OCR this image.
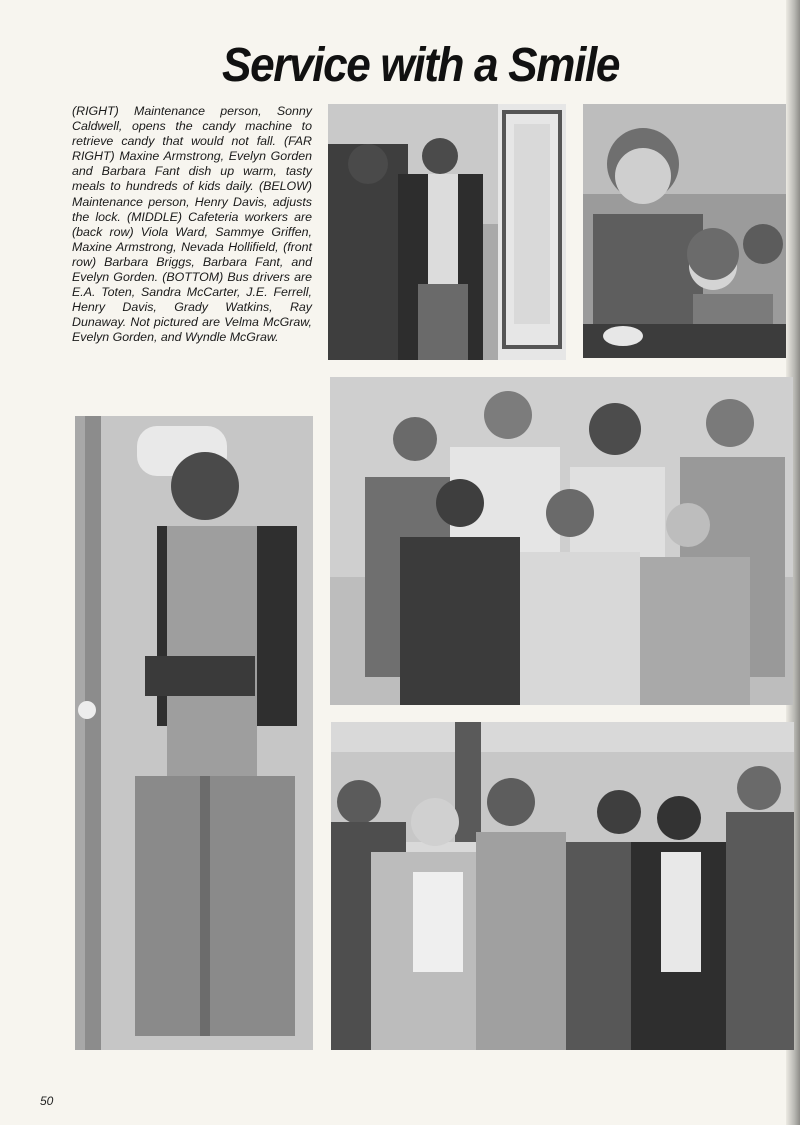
Service with a Smile

(RIGHT) Maintenance person, Sonny Caldwell, opens the candy machine to retrieve candy that would not fall. (FAR RIGHT) Maxine Armstrong, Evelyn Gorden and Barbara Fant dish up warm, tasty meals to hundreds of kids daily. (BELOW) Maintenance person, Henry Davis, adjusts the lock. (MIDDLE) Cafeteria workers are (back row) Viola Ward, Sammye Griffen, Maxine Armstrong, Nevada Hollifield, (front row) Barbara Briggs, Barbara Fant, and Evelyn Gorden. (BOTTOM) Bus drivers are E.A. Toten, Sandra McCarter, J.E. Ferrell, Henry Davis, Grady Watkins, Ray Dunaway. Not pictured are Velma McGraw, Evelyn Gorden, and Wyndle McGraw.

50
